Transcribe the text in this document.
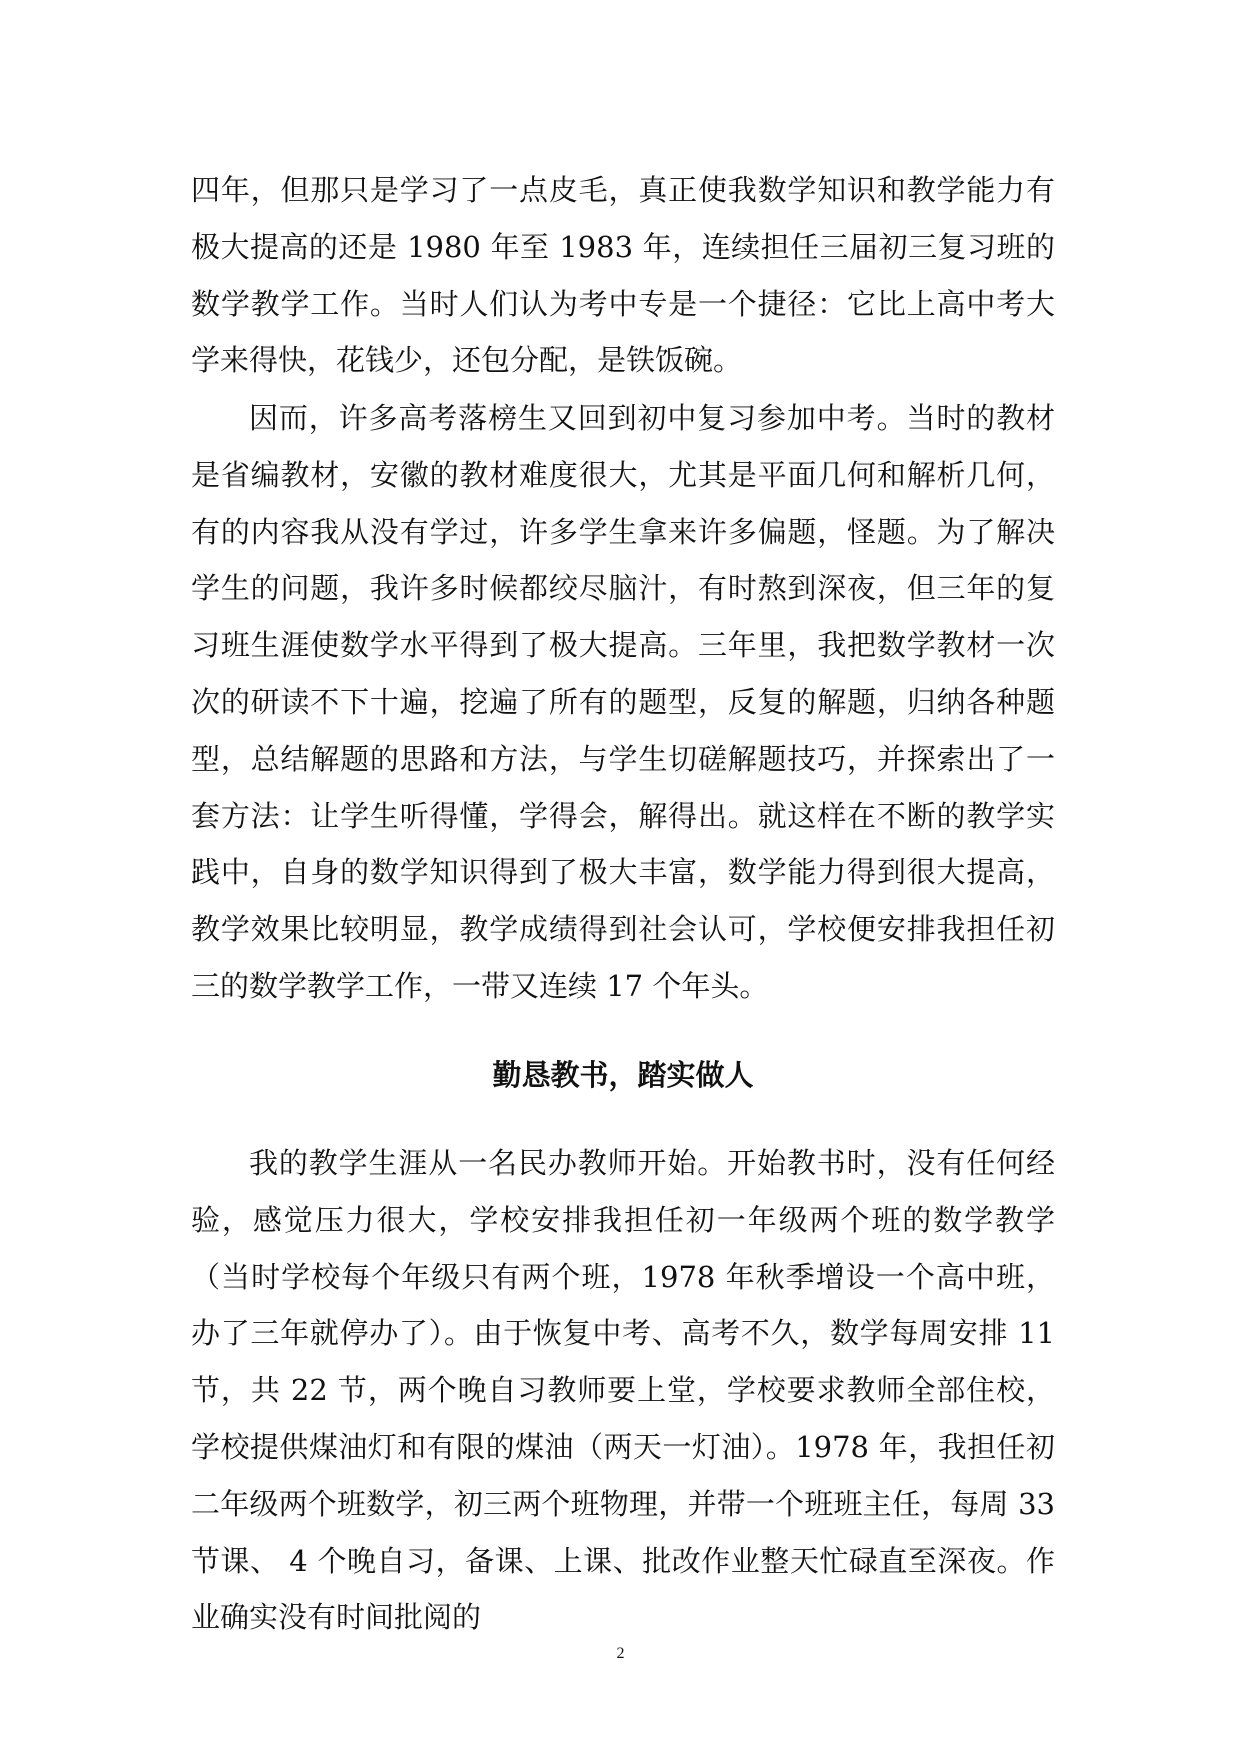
四年，但那只是学习了一点皮毛，真正使我数学知识和教学能力有极大提高的还是 1980 年至 1983 年，连续担任三届初三复习班的数学教学工作。当时人们认为考中专是一个捷径：它比上高中考大学来得快，花钱少，还包分配，是铁饭碗。

因而，许多高考落榜生又回到初中复习参加中考。当时的教材是省编教材，安徽的教材难度很大，尤其是平面几何和解析几何，有的内容我从没有学过，许多学生拿来许多偏题，怪题。为了解决学生的问题，我许多时候都绞尽脑汁，有时熬到深夜，但三年的复习班生涯使数学水平得到了极大提高。三年里，我把数学教材一次次的研读不下十遍，挖遍了所有的题型，反复的解题，归纳各种题型，总结解题的思路和方法，与学生切磋解题技巧，并探索出了一套方法：让学生听得懂，学得会，解得出。就这样在不断的教学实践中，自身的数学知识得到了极大丰富，数学能力得到很大提高，教学效果比较明显，教学成绩得到社会认可，学校便安排我担任初三的数学教学工作，一带又连续 17 个年头。

勤恳教书，踏实做人

我的教学生涯从一名民办教师开始。开始教书时，没有任何经验，感觉压力很大，学校安排我担任初一年级两个班的数学教学（当时学校每个年级只有两个班，1978 年秋季增设一个高中班，办了三年就停办了）。由于恢复中考、高考不久，数学每周安排 11 节，共 22 节，两个晚自习教师要上堂，学校要求教师全部住校，学校提供煤油灯和有限的煤油（两天一灯油）。1978 年，我担任初二年级两个班数学，初三两个班物理，并带一个班班主任，每周 33 节课、 4 个晚自习，备课、上课、批改作业整天忙碌直至深夜。作业确实没有时间批阅的

2
